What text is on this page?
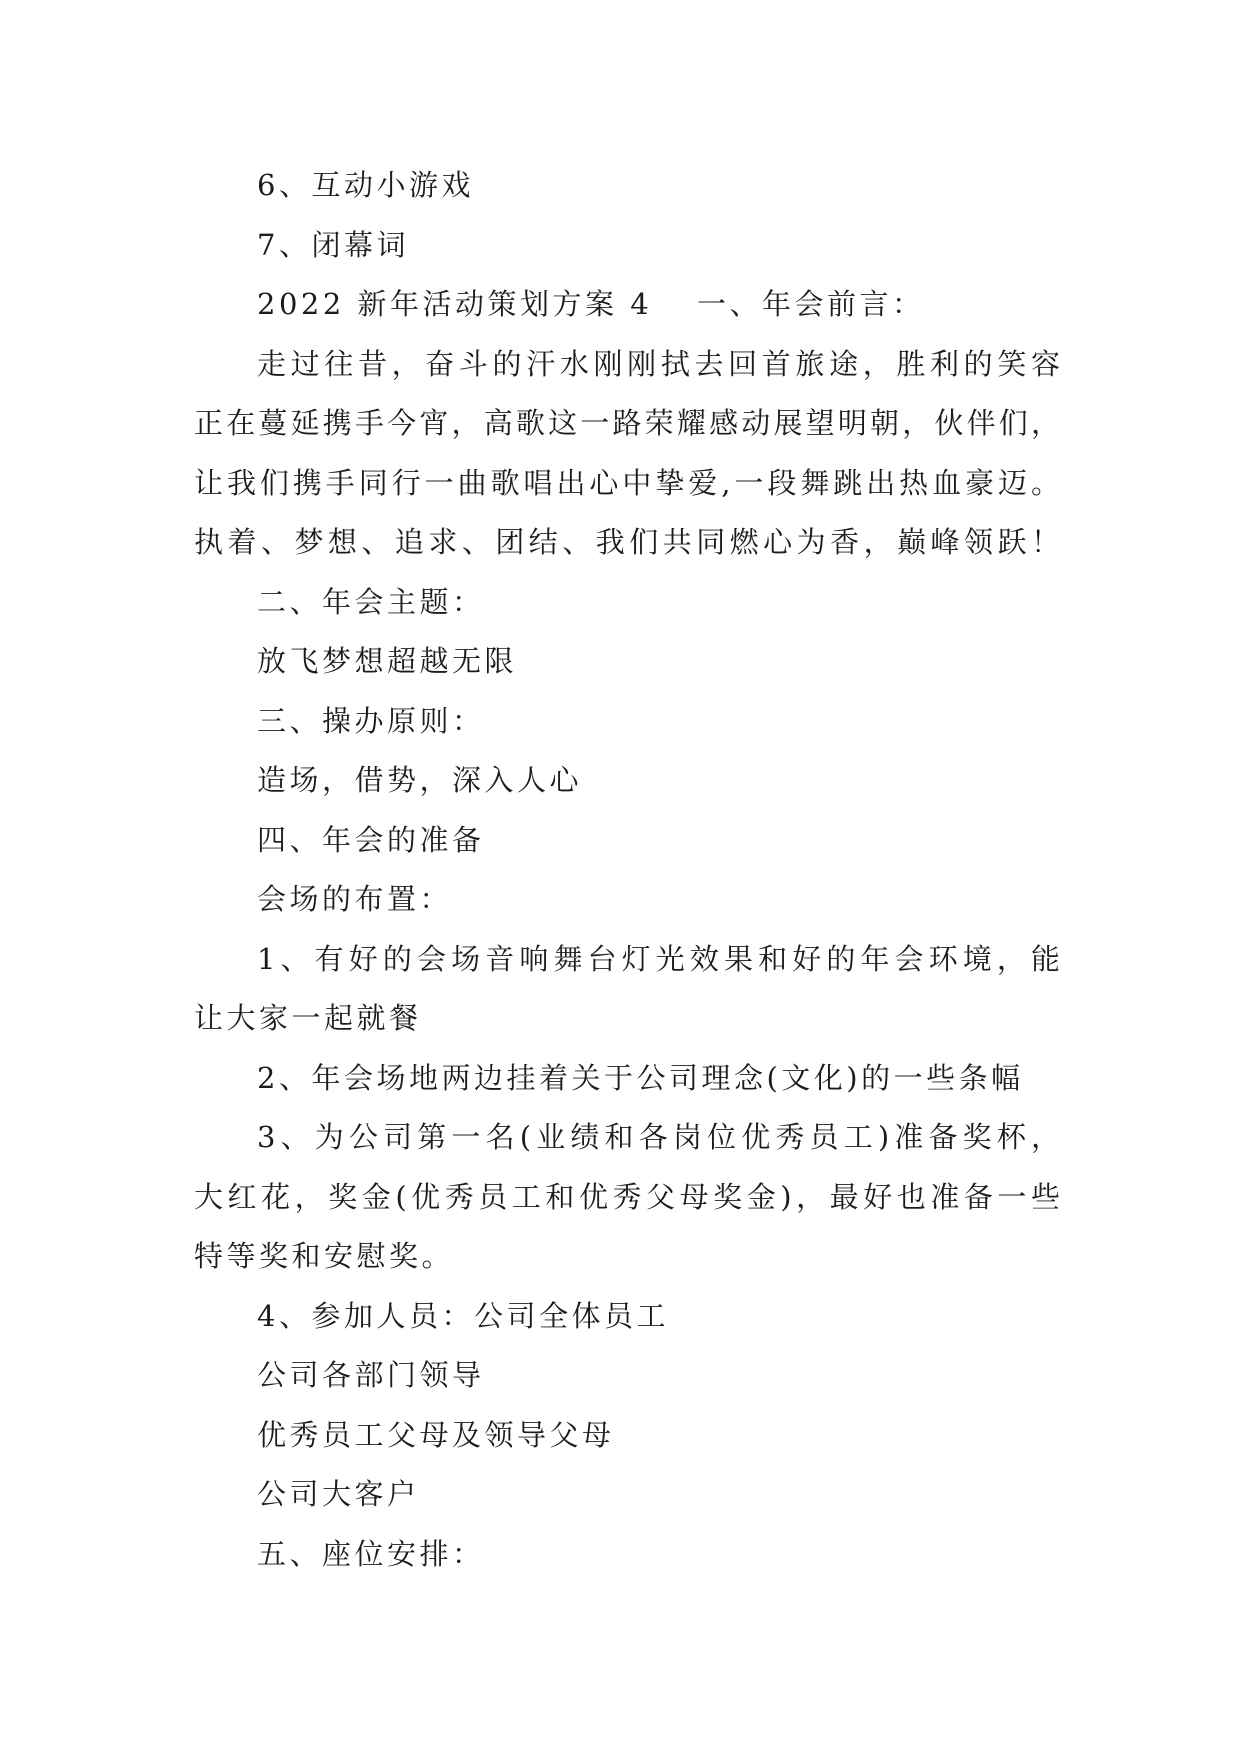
6、互动小游戏
7、闭幕词
2022 新年活动策划方案 4 一、年会前言：
走过往昔，奋斗的汗水刚刚拭去回首旅途，胜利的笑容
正在蔓延携手今宵，高歌这一路荣耀感动展望明朝，伙伴们，
让我们携手同行一曲歌唱出心中挚爱,一段舞跳出热血豪迈。
执着、梦想、追求、团结、我们共同燃心为香，巅峰领跃！
二、年会主题：
放飞梦想超越无限
三、操办原则：
造场，借势，深入人心
四、年会的准备
会场的布置：
1、有好的会场音响舞台灯光效果和好的年会环境，能
让大家一起就餐
2、年会场地两边挂着关于公司理念(文化)的一些条幅
3、为公司第一名(业绩和各岗位优秀员工)准备奖杯，
大红花，奖金(优秀员工和优秀父母奖金)，最好也准备一些
特等奖和安慰奖。
4、参加人员：公司全体员工
公司各部门领导
优秀员工父母及领导父母
公司大客户
五、座位安排：
